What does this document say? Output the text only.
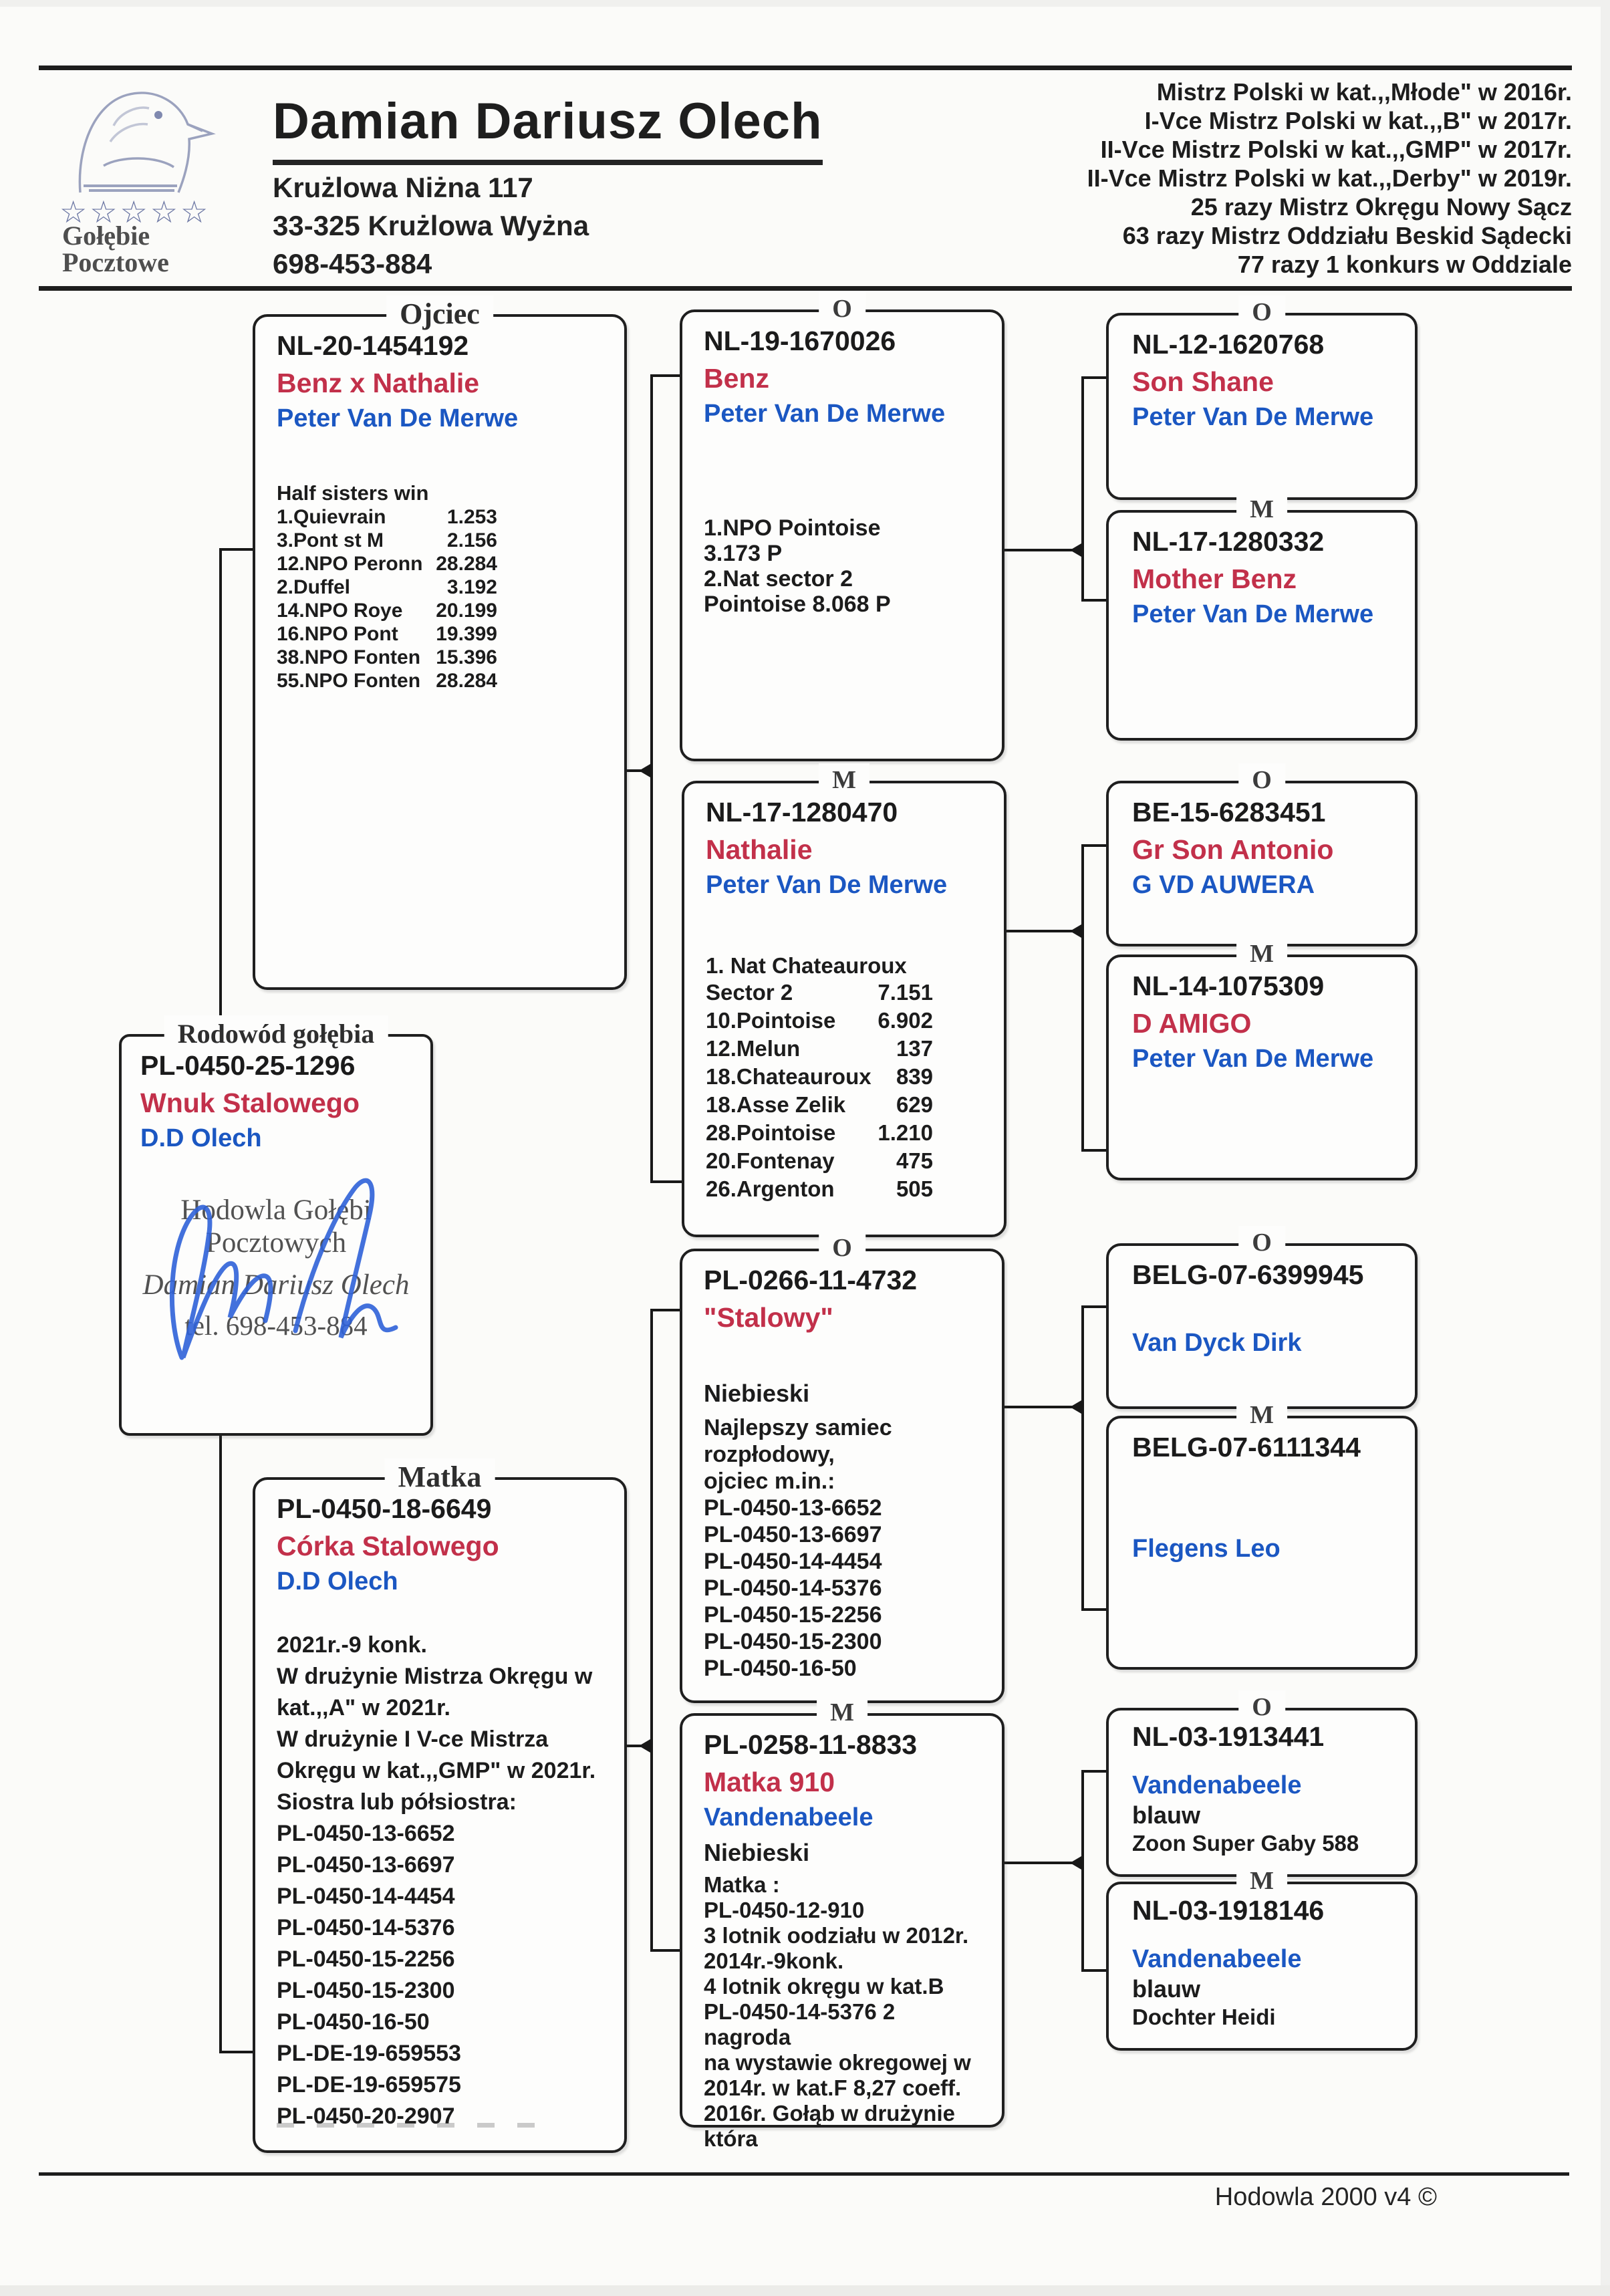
☆☆☆☆☆
Gołębie
Pocztowe
Damian Dariusz Olech
Krużlowa Niżna 117
33-325 Krużlowa Wyżna
698-453-884
Mistrz Polski w kat.,,Młode" w 2016r.
I-Vce Mistrz Polski w kat.,,B" w 2017r.
II-Vce Mistrz Polski w kat.,,GMP" w 2017r.
II-Vce Mistrz Polski w kat.,,Derby" w 2019r.
25 razy Mistrz Okręgu Nowy Sącz
63 razy Mistrz Oddziału Beskid Sądecki
77 razy 1 konkurs w Oddziale
Ojciec
NL-20-1454192
Benz x Nathalie
Peter Van De Merwe
Half sisters win
1.Quievrain	1.253
3.Pont st M	2.156
12.NPO Peronn 28.284
2.Duffel	3.192
14.NPO Roye 20.199
16.NPO Pont 19.399
38.NPO Fonten 15.396
55.NPO Fonten 28.284
Rodowód gołębia
PL-0450-25-1296
Wnuk Stalowego
D.D Olech
Hodowla Gołębi Pocztowych
Damian Dariusz Olech
tel. 698-453-884
Matka
PL-0450-18-6649
Córka Stalowego
D.D Olech
2021r.-9 konk.
W drużynie Mistrza Okręgu w
kat.,,A" w 2021r.
W drużynie I V-ce Mistrza
Okręgu w kat.,,GMP" w 2021r.
Siostra lub półsiostra:
PL-0450-13-6652
PL-0450-13-6697
PL-0450-14-4454
PL-0450-14-5376
PL-0450-15-2256
PL-0450-15-2300
PL-0450-16-50
PL-DE-19-659553
PL-DE-19-659575
PL-0450-20-2907
O
NL-19-1670026
Benz
Peter Van De Merwe
1.NPO Pointoise
3.173 P
2.Nat sector 2
Pointoise 8.068 P
M
NL-17-1280470
Nathalie
Peter Van De Merwe
1. Nat Chateauroux
Sector 2	7.151
10.Pointoise 6.902
12.Melun	137
18.Chateauroux 839
18.Asse Zelik 629
28.Pointoise 1.210
20.Fontenay	475
26.Argenton	505
O
PL-0266-11-4732
"Stalowy"
Niebieski
Najlepszy samiec rozpłodowy,
ojciec m.in.:
PL-0450-13-6652
PL-0450-13-6697
PL-0450-14-4454
PL-0450-14-5376
PL-0450-15-2256
PL-0450-15-2300
PL-0450-16-50
M
PL-0258-11-8833
Matka 910
Vandenabeele
Niebieski
Matka :
PL-0450-12-910
3 lotnik oodziału w 2012r.
2014r.-9konk.
4 lotnik okręgu w kat.B
PL-0450-14-5376 2 nagroda
na wystawie okregowej w
2014r. w kat.F 8,27 coeff.
2016r. Gołąb w drużynie która
O
NL-12-1620768
Son Shane
Peter Van De Merwe
M
NL-17-1280332
Mother Benz
Peter Van De Merwe
O
BE-15-6283451
Gr Son Antonio
G VD AUWERA
M
NL-14-1075309
D AMIGO
Peter Van De Merwe
O
BELG-07-6399945
Van Dyck Dirk
M
BELG-07-6111344
Flegens Leo
O
NL-03-1913441
Vandenabeele
blauw
Zoon Super Gaby 588
M
NL-03-1918146
Vandenabeele
blauw
Dochter Heidi
Hodowla 2000 v4 ©
